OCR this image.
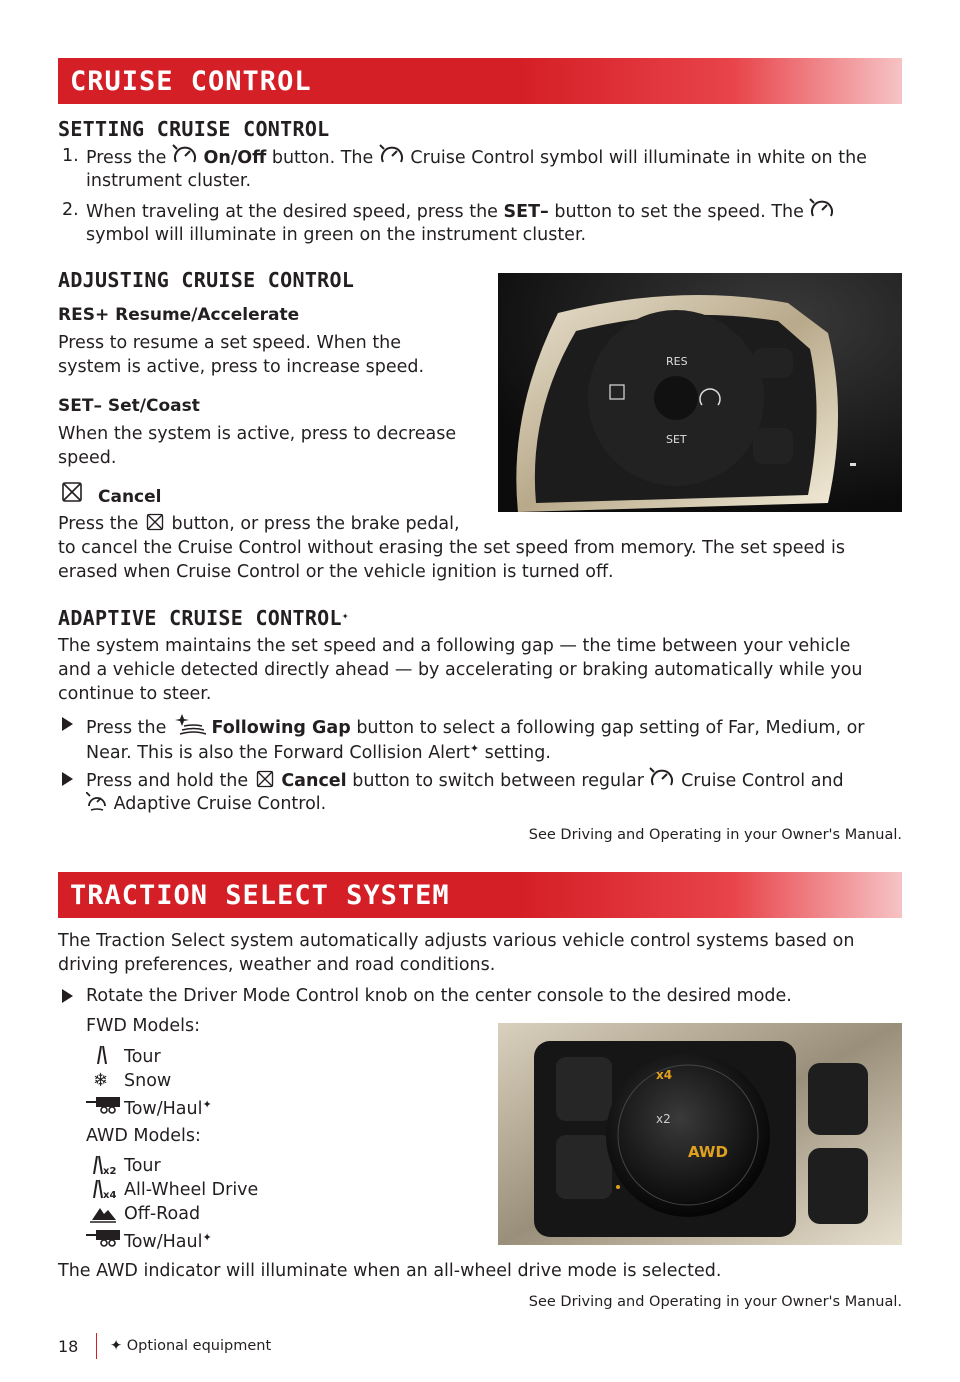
CRUISE CONTROL
SETTING CRUISE CONTROL
1. Press the On/Off button. The Cruise Control symbol will illuminate in white on the
instrument cluster.
2. When traveling at the desired speed, press the SET– button to set the speed. The
symbol will illuminate in green on the instrument cluster.
ADJUSTING CRUISE CONTROL
RES+ Resume/Accelerate
Press to resume a set speed. When the
system is active, press to increase speed.
SET– Set/Coast
When the system is active, press to decrease
speed.
Cancel
Press the button, or press the brake pedal,
to cancel the Cruise Control without erasing the set speed from memory. The set speed is
erased when Cruise Control or the vehicle ignition is turned off.
RES
SET
ADAPTIVE CRUISE CONTROL✦
The system maintains the set speed and a following gap — the time between your vehicle
and a vehicle detected directly ahead — by accelerating or braking automatically while you
continue to steer.
Press the	Following Gap button to select a following gap setting of Far, Medium, or
Near. This is also the Forward Collision Alert✦ setting.
Press and hold the Cancel button to switch between regular Cruise Control and
Adaptive Cruise Control.
See Driving and Operating in your Owner's Manual.
TRACTION SELECT SYSTEM
The Traction Select system automatically adjusts various vehicle control systems based on
driving preferences, weather and road conditions.
Rotate the Driver Mode Control knob on the center console to the desired mode.
FWD Models:
Tour
❄ Snow
Tow/Haul✦
AWD Models:
x2 Tour
x4 All-Wheel Drive
Off-Road
Tow/Haul✦
x4
x2
AWD
The AWD indicator will illuminate when an all-wheel drive mode is selected.
See Driving and Operating in your Owner's Manual.
18 ✦ Optional equipment
